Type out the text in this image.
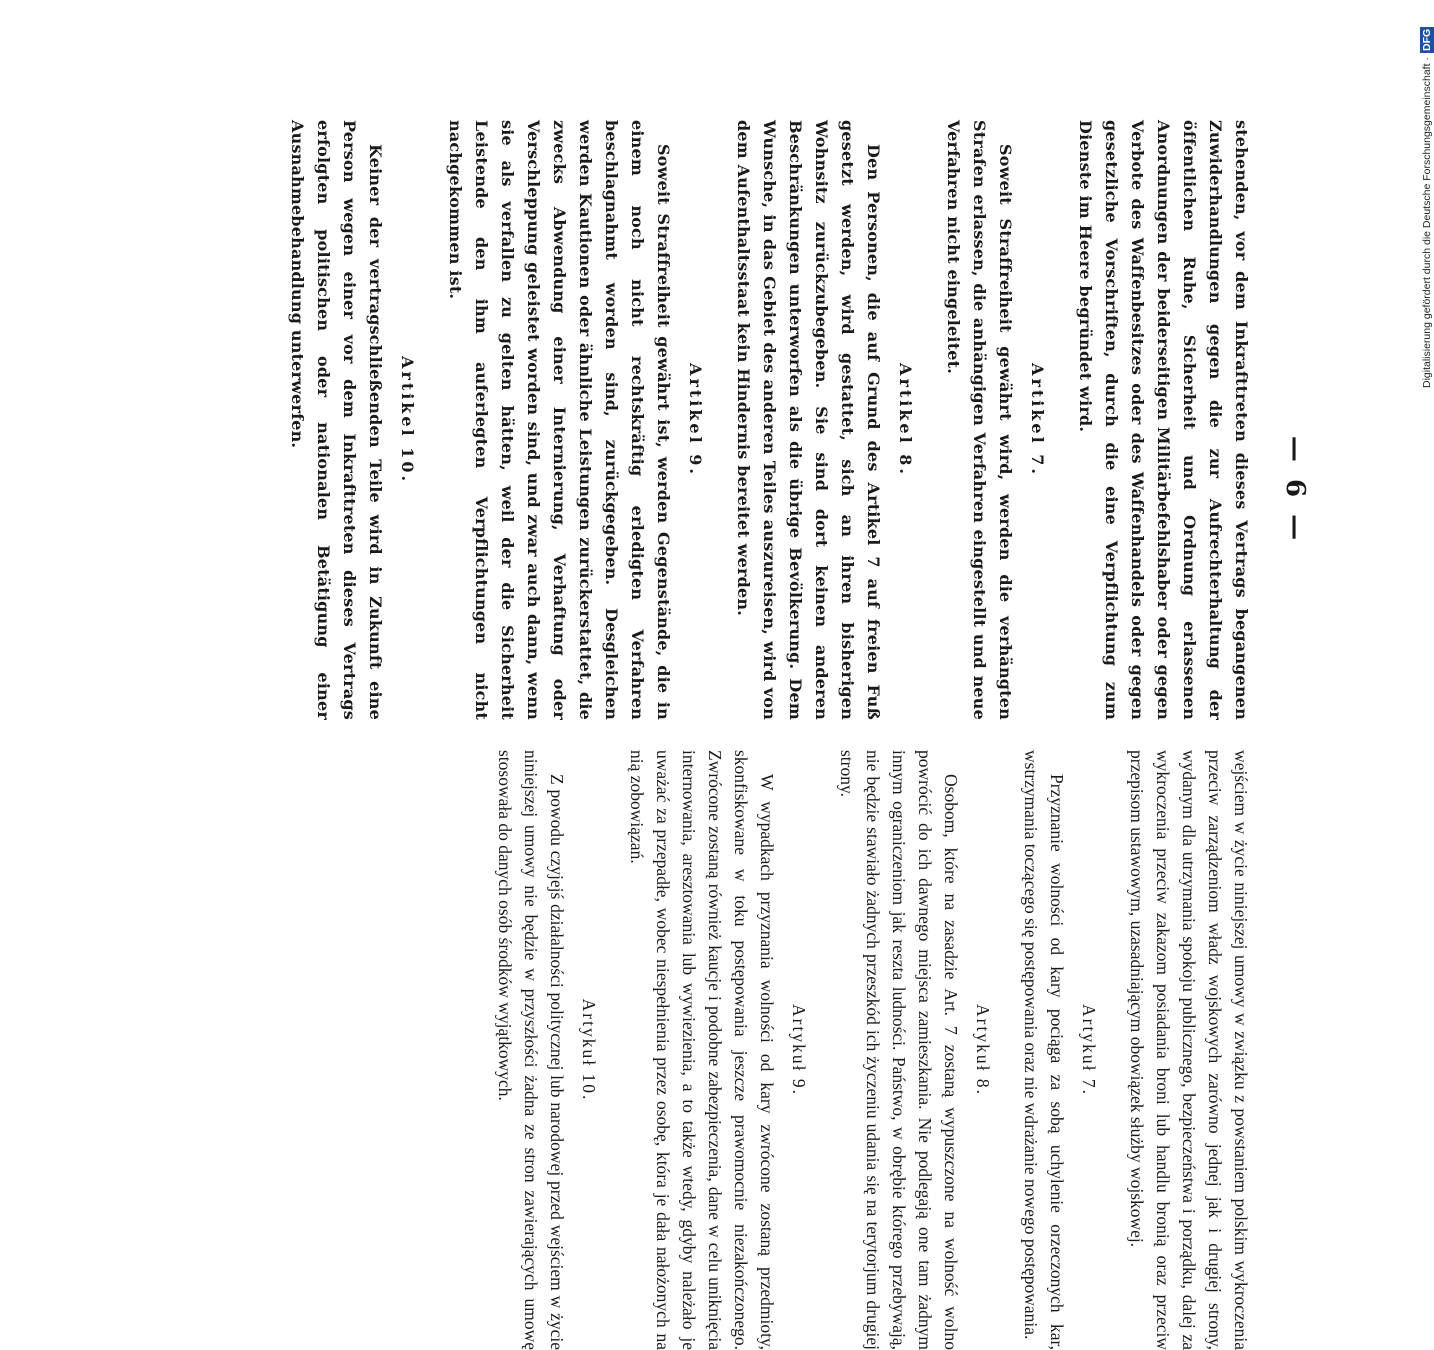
— 6 —

stehenden, vor dem Inkrafttreten dieses Vertrags begangenen Zuwiderhandlungen gegen die zur Aufrechterhaltung der öffentlichen Ruhe, Sicherheit und Ordnung erlassenen Anordnungen der beiderseitigen Militärbefehlshaber oder gegen Verbote des Waffenbesitzes oder des Waffenhandels oder gegen gesetzliche Vorschriften, durch die eine Verpflichtung zum Dienste im Heere begründet wird.

Artikel 7.

Soweit Straffreiheit gewährt wird, werden die verhängten Strafen erlassen, die anhängigen Verfahren eingestellt und neue Verfahren nicht eingeleitet.

Artikel 8.

Den Personen, die auf Grund des Artikel 7 auf freien Fuß gesetzt werden, wird gestattet, sich an ihren bisherigen Wohnsitz zurückzubegeben. Sie sind dort keinen anderen Beschränkungen unterworfen als die übrige Bevölkerung. Dem Wunsche, in das Gebiet des anderen Teiles auszureisen, wird von dem Aufenthaltsstaat kein Hindernis bereitet werden.

Artikel 9.

Soweit Straffreiheit gewährt ist, werden Gegenstände, die in einem noch nicht rechtskräftig erledigten Verfahren beschlagnahmt worden sind, zurückgegeben. Desgleichen werden Kautionen oder ähnliche Leistungen zurückerstattet, die zwecks Abwendung einer Internierung, Verhaftung oder Verschleppung geleistet worden sind, und zwar auch dann, wenn sie als verfallen zu gelten hätten, weil der die Sicherheit Leistende den ihm auferlegten Verpflichtungen nicht nachgekommen ist.

Artikel 10.

Keiner der vertragschließenden Teile wird in Zukunft eine Person wegen einer vor dem Inkrafttreten dieses Vertrags erfolgten politischen oder nationalen Betätigung einer Ausnahmebehandlung unterwerfen.

wejściem w życie niniejszej umowy w związku z powstaniem polskim wykroczenia przeciw zarządzeniom władz wojskowych zarówno jednej jak i drugiej strony, wydanym dla utrzymania spokoju publicznego, bezpieczeństwa i porządku, dalej za wykroczenia przeciw zakazom posiadania broni lub handlu bronią oraz przeciw przepisom ustawowym, uzasadniającym obowiązek służby wojskowej.

Artykuł 7.

Przyznanie wolności od kary pociąga za sobą uchylenie orzeczonych kar, wstrzymania toczącego się postępowania oraz nie wdrażanie nowego postępowania.

Artykuł 8.

Osobom, które na zasadzie Art. 7 zostaną wypuszczone na wolność wolno powrócić do ich dawnego miejsca zamieszkania. Nie podlegają one tam żadnym innym ograniczeniom jak reszta ludności. Państwo, w obrębie którego przebywają, nie będzie stawiało żadnych przeszkód ich życzeniu udania się na terytorjum drugiej strony.

Artykuł 9.

W wypadkach przyznania wolności od kary zwrócone zostaną przedmioty, skonfiskowane w toku postępowania jeszcze prawomocnie niezakończonego. Zwrócone zostaną również kaucje i podobne zabezpieczenia, dane w celu uniknięcia internowania, aresztowania lub wywiezienia, a to także wtedy, gdyby należało je uważać za przepadłe, wobec niespełnienia przez osobę, która je dała nałożonych na nią zobowiązań.

Artykuł 10.

Z powodu czyjejś działalności politycznej lub narodowej przed wejściem w życie niniejszej umowy nie będzie w przyszłości żadna ze stron zawierających umowę stosowała do danych osób środków wyjątkowych.

Digitalisierung gefördert durch die Deutsche Forschungsgemeinschaft ·
DFG
